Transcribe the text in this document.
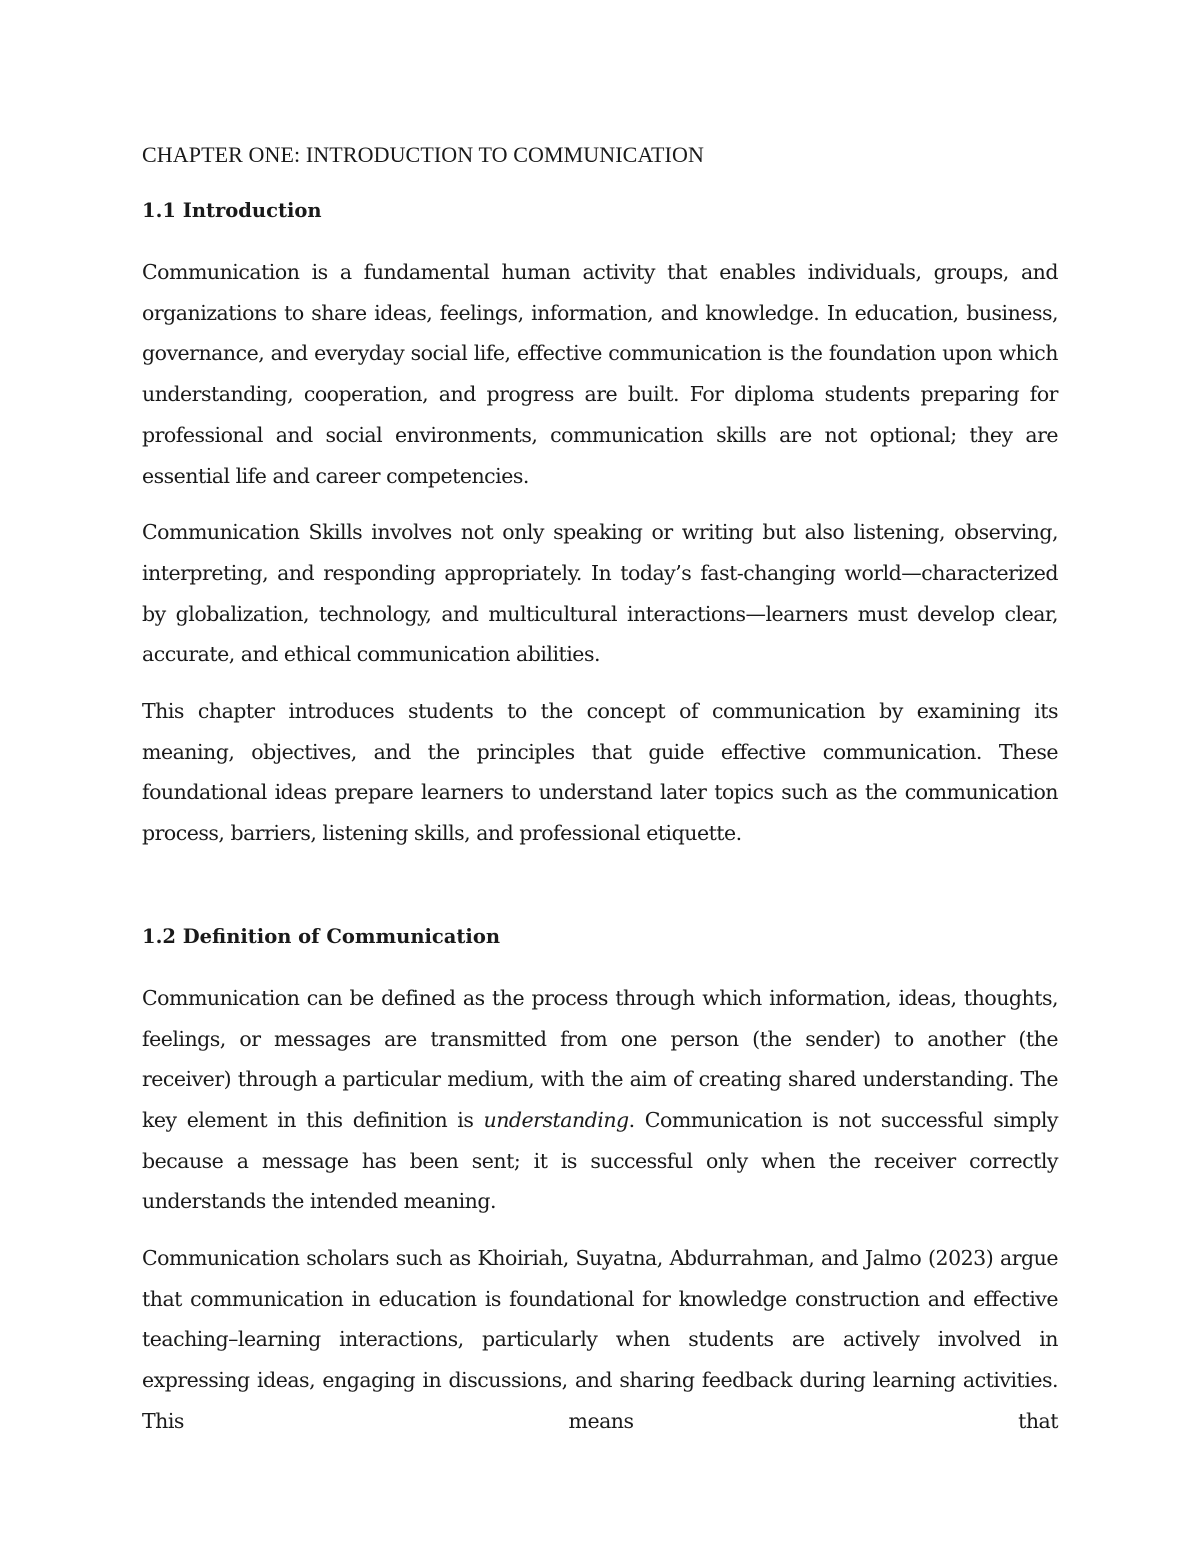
CHAPTER ONE: INTRODUCTION TO COMMUNICATION
1.1 Introduction

Communication is a fundamental human activity that enables individuals, groups, and organizations to share ideas, feelings, information, and knowledge. In education, business, governance, and everyday social life, effective communication is the foundation upon which understanding, cooperation, and progress are built. For diploma students preparing for professional and social environments, communication skills are not optional; they are essential life and career competencies.

Communication Skills involves not only speaking or writing but also listening, observing, interpreting, and responding appropriately. In today’s fast-changing world—characterized by globalization, technology, and multicultural interactions—learners must develop clear, accurate, and ethical communication abilities.

This chapter introduces students to the concept of communication by examining its meaning, objectives, and the principles that guide effective communication. These foundational ideas prepare learners to understand later topics such as the communication process, barriers, listening skills, and professional etiquette.

1.2 Definition of Communication

Communication can be defined as the process through which information, ideas, thoughts, feelings, or messages are transmitted from one person (the sender) to another (the receiver) through a particular medium, with the aim of creating shared understanding. The key element in this definition is understanding. Communication is not successful simply because a message has been sent; it is successful only when the receiver correctly understands the intended meaning.

Communication scholars such as Khoiriah, Suyatna, Abdurrahman, and Jalmo (2023) argue that communication in education is foundational for knowledge construction and effective teaching–learning interactions, particularly when students are actively involved in expressing ideas, engaging in discussions, and sharing feedback during learning activities. This means that
